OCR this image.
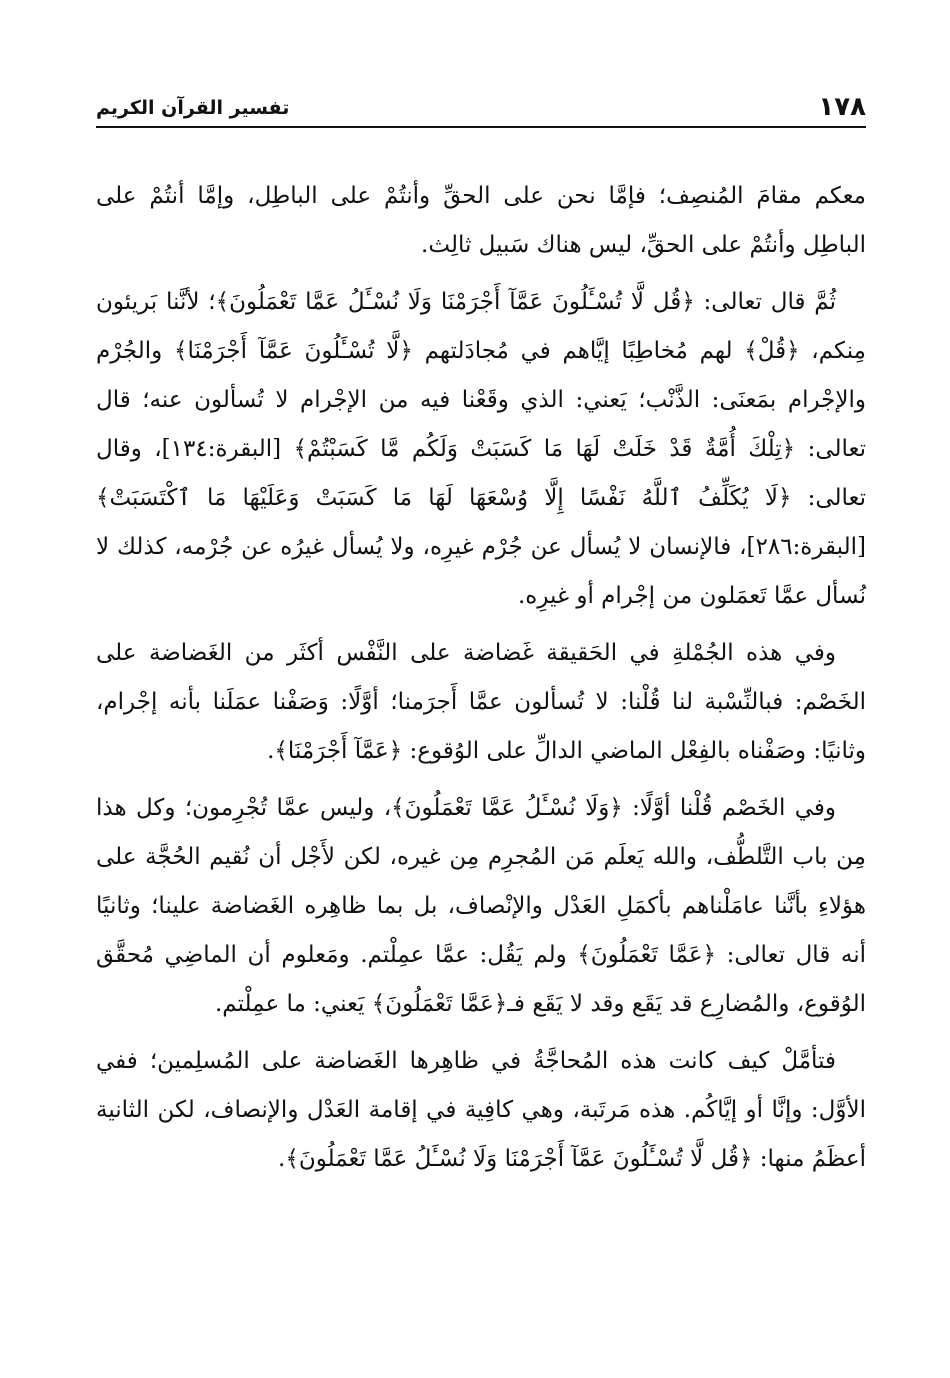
١٧٨
تفسير القرآن الكريم

معكم مقامَ المُنصِف؛ فإمَّا نحن على الحقِّ وأنتُمْ على الباطِل، وإمَّا أنتُمْ على الباطِل وأنتُمْ على الحقِّ، ليس هناك سَبيل ثالِث.

ثُمَّ قال تعالى: ﴿قُل لَّا تُسْـَٔلُونَ عَمَّآ أَجْرَمْنَا وَلَا نُسْـَٔلُ عَمَّا تَعْمَلُونَ﴾؛ لأنَّنا بَريئون مِنكم، ﴿قُلْ﴾ لهم مُخاطِبًا إيَّاهم في مُجادَلتهم ﴿لَّا تُسْـَٔلُونَ عَمَّآ أَجْرَمْنَا﴾ والجُرْم والإجْرام بمَعنَى: الذَّنْب؛ يَعني: الذي وقَعْنا فيه من الإجْرام لا تُسألون عنه؛ قال تعالى: ﴿تِلْكَ أُمَّةٌ قَدْ خَلَتْ لَهَا مَا كَسَبَتْ وَلَكُم مَّا كَسَبْتُمْ﴾ [البقرة:١٣٤]، وقال تعالى: ﴿لَا يُكَلِّفُ ٱللَّهُ نَفْسًا إِلَّا وُسْعَهَا لَهَا مَا كَسَبَتْ وَعَلَيْهَا مَا ٱكْتَسَبَتْ﴾ [البقرة:٢٨٦]، فالإنسان لا يُسأل عن جُرْم غيرِه، ولا يُسأل غيرُه عن جُرْمه، كذلك لا نُسأل عمَّا تَعمَلون من إجْرام أو غيرِه.

وفي هذه الجُمْلةِ في الحَقيقة غَضاضة على النَّفْس أكثَر من الغَضاضة على الخَصْم: فبالنِّسْبة لنا قُلْنا: لا تُسألون عمَّا أَجرَمنا؛ أوَّلًا: وَصَفْنا عمَلَنا بأنه إجْرام، وثانيًا: وصَفْناه بالفِعْل الماضي الدالِّ على الوُقوع: ﴿عَمَّآ أَجْرَمْنَا﴾.

وفي الخَصْم قُلْنا أوَّلًا: ﴿وَلَا نُسْـَٔلُ عَمَّا تَعْمَلُونَ﴾، وليس عمَّا تُجْرِمون؛ وكل هذا مِن باب التَّلطُّف، والله يَعلَم مَن المُجرِم مِن غيره، لكن لأَجْل أن نُقيم الحُجَّة على هؤلاءِ بأنَّنا عامَلْناهم بأكمَلِ العَدْل والإنْصاف، بل بما ظاهِره الغَضاضة علينا؛ وثانيًا أنه قال تعالى: ﴿عَمَّا تَعْمَلُونَ﴾ ولم يَقُل: عمَّا عمِلْتم. ومَعلوم أن الماضِي مُحقَّق الوُقوع، والمُضارِع قد يَقَع وقد لا يَقَع فـ﴿عَمَّا تَعْمَلُونَ﴾ يَعني: ما عمِلْتم.

فتأمَّلْ كيف كانت هذه المُحاجَّةُ في ظاهِرها الغَضاضة على المُسلِمين؛ ففي الأوَّل: وإنَّا أو إيَّاكُم. هذه مَرتَبة، وهي كافِية في إقامة العَدْل والإنصاف، لكن الثانية أعظَمُ منها: ﴿قُل لَّا تُسْـَٔلُونَ عَمَّآ أَجْرَمْنَا وَلَا نُسْـَٔلُ عَمَّا تَعْمَلُونَ﴾.
